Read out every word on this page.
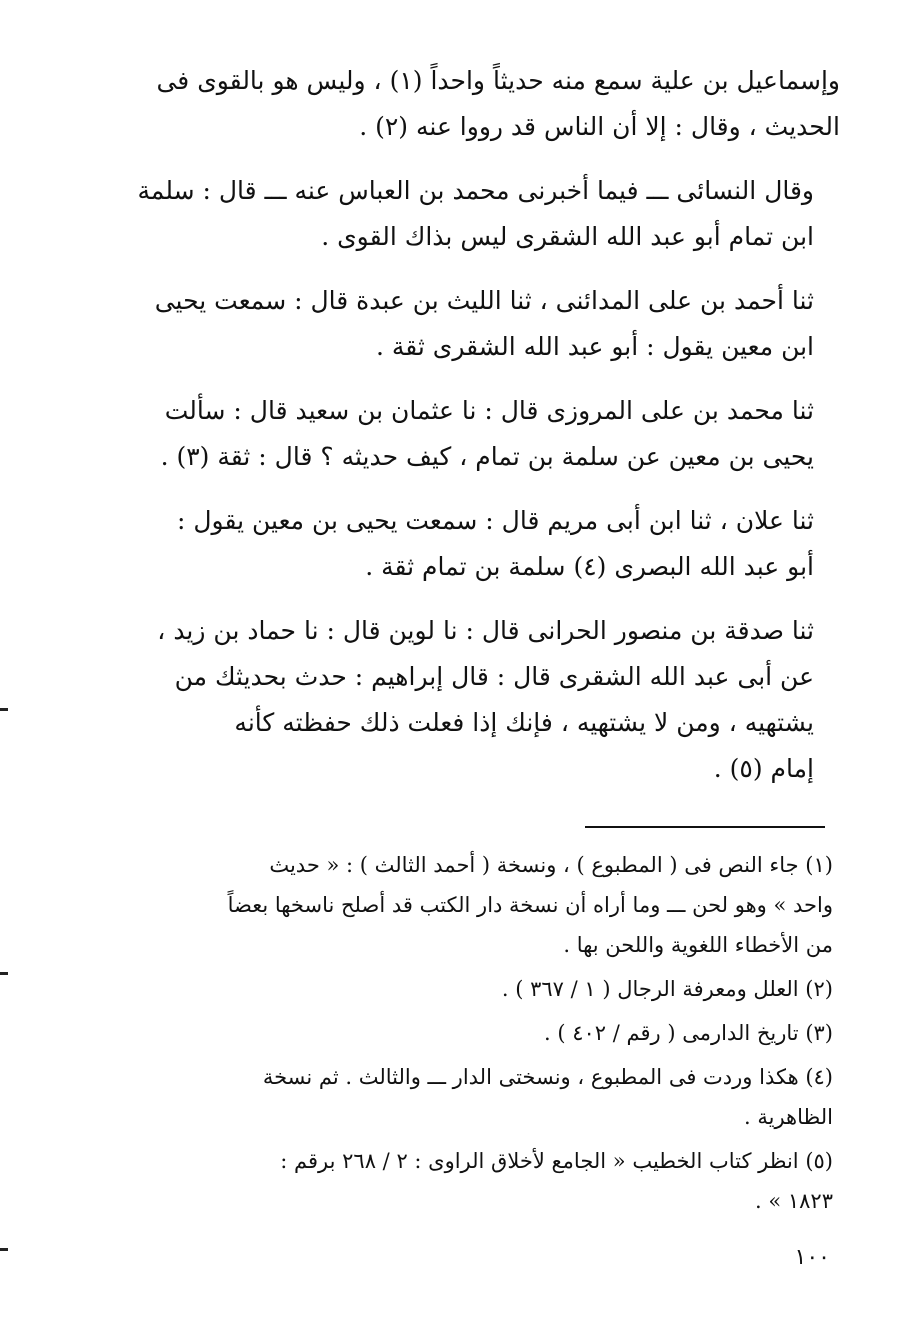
وإسماعيل بن علية سمع منه حديثاً واحداً (١) ، وليس هو بالقوى فى
الحديث ، وقال : إلا أن الناس قد رووا عنه (٢) .

وقال النسائى ـــ فيما أخبرنى محمد بن العباس عنه ـــ قال : سلمة
ابن تمام أبو عبد الله الشقرى ليس بذاك القوى .

ثنا أحمد بن على المدائنى ، ثنا الليث بن عبدة قال : سمعت يحيى
ابن معين يقول : أبو عبد الله الشقرى ثقة .

ثنا محمد بن على المروزى قال : نا عثمان بن سعيد قال : سألت
يحيى بن معين عن سلمة بن تمام ، كيف حديثه ؟ قال : ثقة (٣) .

ثنا علان ، ثنا ابن أبى مريم قال : سمعت يحيى بن معين يقول :
أبو عبد الله البصرى (٤) سلمة بن تمام ثقة .

ثنا صدقة بن منصور الحرانى قال : نا لوين قال : نا حماد بن زيد ،
عن أبى عبد الله الشقرى قال : قال إبراهيم : حدث بحديثك من
يشتهيه ، ومن لا يشتهيه ، فإنك إذا فعلت ذلك حفظته كأنه
إمام (٥) .

(١) جاء النص فى ( المطبوع ) ، ونسخة ( أحمد الثالث ) : « حديث
واحد » وهو لحن ـــ وما أراه أن نسخة دار الكتب قد أصلح ناسخها بعضاً
من الأخطاء اللغوية واللحن بها .
(٢) العلل ومعرفة الرجال ( ١ / ٣٦٧ ) .
(٣) تاريخ الدارمى ( رقم / ٤٠٢ ) .
(٤) هكذا وردت فى المطبوع ، ونسختى الدار ـــ والثالث . ثم نسخة
الظاهرية .
(٥) انظر كتاب الخطيب « الجامع لأخلاق الراوى : ٢ / ٢٦٨ برقم :
١٨٢٣ » .
١٠٠
